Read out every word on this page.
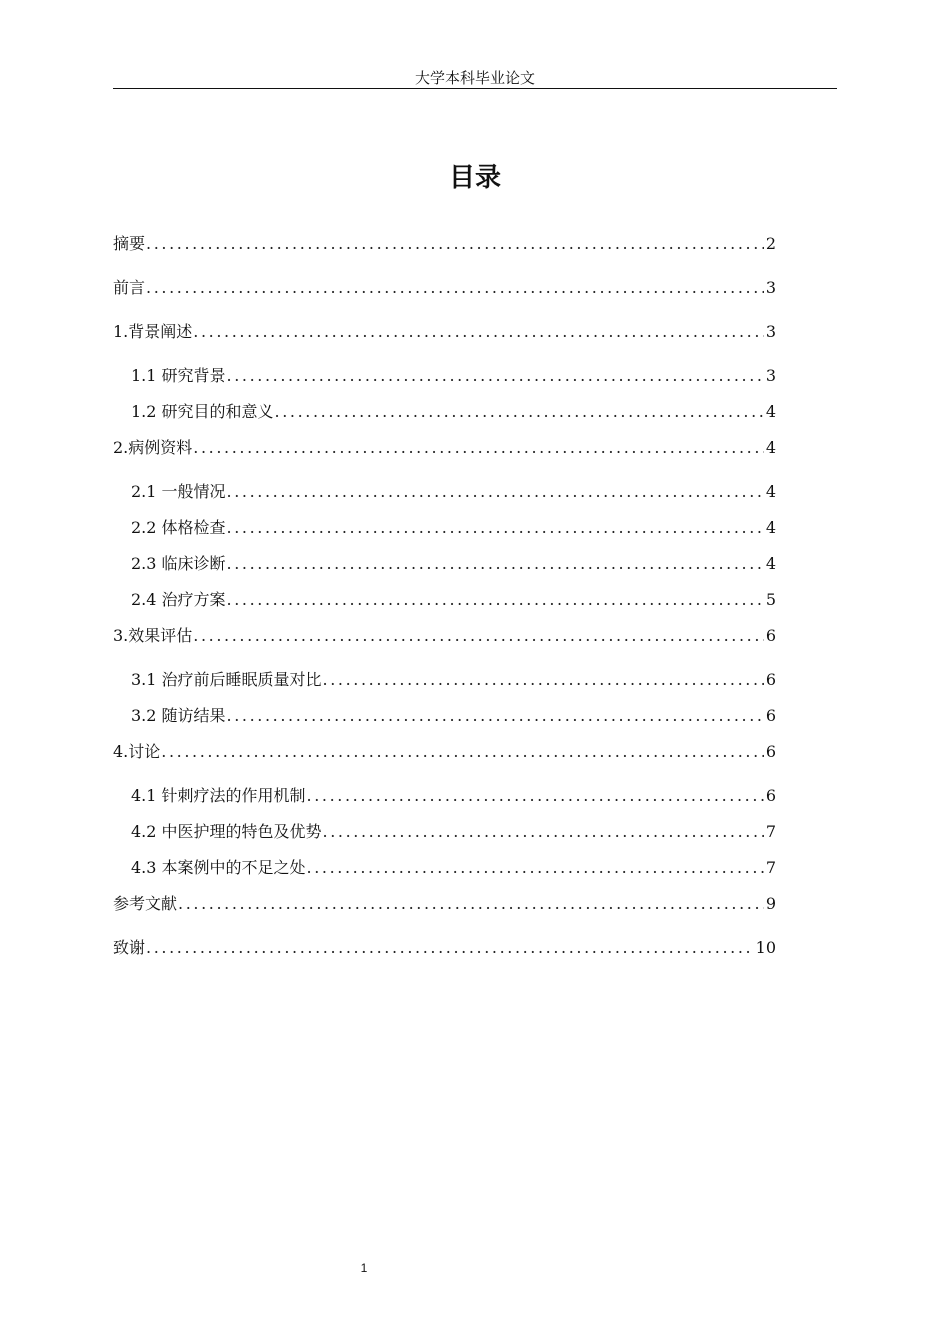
大学本科毕业论文
目录
摘要 .....	2
前言 .....	3
1.背景阐述 .....	3
1.1 研究背景 .....	3
1.2 研究目的和意义 .....	4
2.病例资料 .....	4
2.1 一般情况 .....	4
2.2 体格检查 .....	4
2.3 临床诊断 .....	4
2.4 治疗方案 .....	5
3.效果评估 .....	6
3.1 治疗前后睡眠质量对比 .....	6
3.2 随访结果 .....	6
4.讨论 .....	6
4.1 针刺疗法的作用机制 .....	6
4.2 中医护理的特色及优势 .....	7
4.3 本案例中的不足之处 .....	7
参考文献 .....	9
致谢 .....	10
1
